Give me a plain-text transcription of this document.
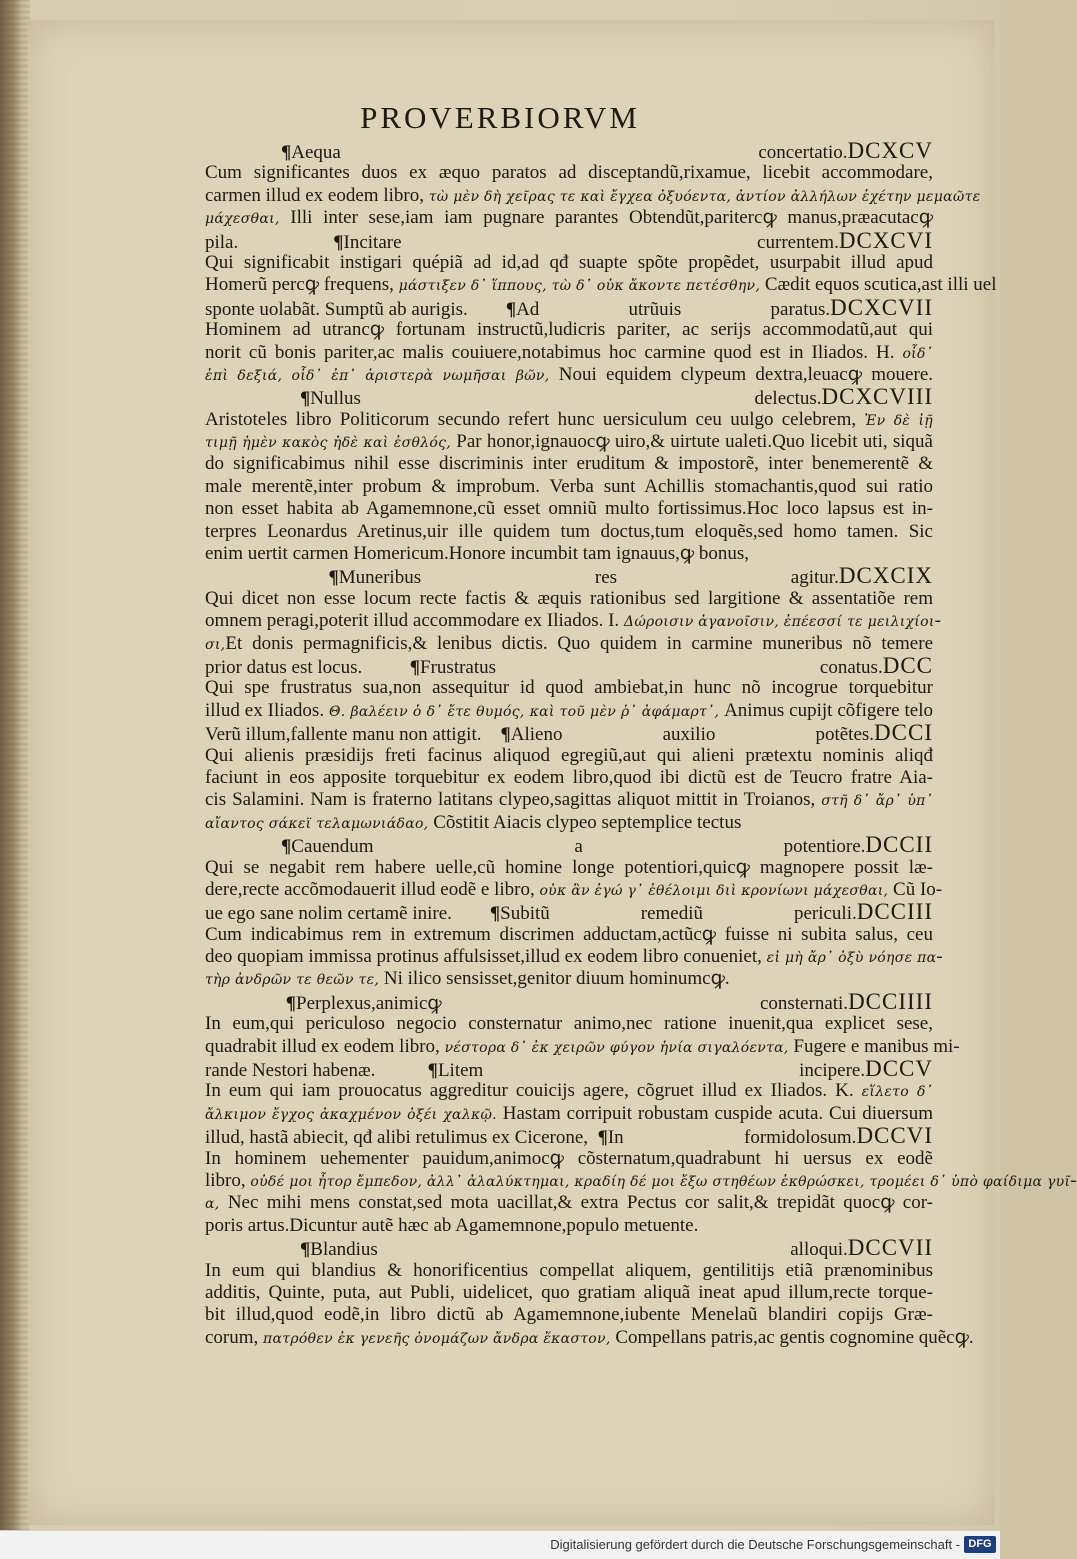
PROVERBIORVM

¶Aequa concertatio. DCXCV
Cum significantes duos ex æquo paratos ad disceptandũ,rixamue, licebit accommodare,
carmen illud ex eodem libro, τὼ μὲν δὴ χεῖρας τε καὶ ἔγχεα ὀξυόεντα, ἀντίον ἀλλήλων ἐχέτην μεμαῶτε
μάχεσθαι, Illi inter sese,iam iam pugnare parantes Obtendũt,paritercꝙ manus,præacutacꝙ
pila. ¶Incitare currentem. DCXCVI
Qui significabit instigari quépiã ad id,ad qđ suapte spõte propẽdet, usurpabit illud apud
Homerũ percꝙ frequens, μάστιξεν δ᾽ ἵππους, τὼ δ᾽ οὐκ ἄκοντε πετέσθην, Cædit equos scutica,ast illi uel
sponte uolabãt. Sumptũ ab aurigis. ¶Ad utrũuis paratus. DCXCVII
Hominem ad utrancꝙ fortunam instructũ,ludicris pariter, ac serijs accommodatũ,aut qui
norit cũ bonis pariter,ac malis couiuere,notabimus hoc carmine quod est in Iliados. H. οἶδ᾽
ἐπὶ δεξιά, οἶδ᾽ ἐπ᾽ ἀριστερὰ νωμῆσαι βῶν, Noui equidem clypeum dextra,leuacꝙ mouere.

¶Nullus delectus. DCXCVIII
Aristoteles libro Politicorum secundo refert hunc uersiculum ceu uulgo celebrem, Ἐν δὲ ἰῇ
τιμῇ ἠμὲν κακὸς ἠδὲ καὶ ἐσθλός, Par honor,ignauocꝙ uiro,& uirtute ualeti.Quo licebit uti, siquã
do significabimus nihil esse discriminis inter eruditum & impostorẽ, inter benemerentẽ &
male merentẽ,inter probum & improbum. Verba sunt Achillis stomachantis,quod sui ratio
non esset habita ab Agamemnone,cũ esset omniũ multo fortissimus.Hoc loco lapsus est in-
terpres Leonardus Aretinus,uir ille quidem tum doctus,tum eloquẽs,sed homo tamen. Sic
enim uertit carmen Homericum.Honore incumbit tam ignauus,ꝙ bonus,

¶Muneribus res agitur. DCXCIX
Qui dicet non esse locum recte factis & æquis rationibus sed largitione & assentatiõe rem
omnem peragi,poterit illud accommodare ex Iliados. I. Δώροισιν ἀγανοῖσιν, ἐπέεσσί τε μειλιχίοι
σι,Et donis permagnificis,& lenibus dictis. Quo quidem in carmine muneribus nõ temere
prior datus est locus. ¶Frustratus conatus. DCC
Qui spe frustratus sua,non assequitur id quod ambiebat,in hunc nõ incogrue torquebitur
illud ex Iliados. Θ. βαλέειν ὁ δ᾽ ἔτε θυμός, καὶ τοῦ μὲν ῥ᾽ ἀφάμαρτ᾽, Animus cupijt cõfigere telo
Verũ illum,fallente manu non attigit. ¶Alieno auxilio potẽtes. DCCI
Qui alienis præsidijs freti facinus aliquod egregiũ,aut qui alieni prætextu nominis aliqđ
faciunt in eos apposite torquebitur ex eodem libro,quod ibi dictũ est de Teucro fratre Aia-
cis Salamini. Nam is fraterno latitans clypeo,sagittas aliquot mittit in Troianos, στῆ δ᾽ ἄρ᾽ ὑπ᾽
αἴαντος σάκεϊ τελαμωνιάδαο, Cõstitit Aiacis clypeo septemplice tectus

¶Cauendum a potentiore. DCCII
Qui se negabit rem habere uelle,cũ homine longe potentiori,quicꝙ magnopere possit læ-
dere,recte accõmodauerit illud eodẽ e libro, οὐκ ἂν ἐγώ γ᾽ ἐθέλοιμι διὶ κρονίωνι μάχεσθαι, Cũ Io-
ue ego sane nolim certamẽ inire. ¶Subitũ remediũ periculi. DCCIII
Cum indicabimus rem in extremum discrimen adductam,actũcꝙ fuisse ni subita salus, ceu
deo quopiam immissa protinus affulsisset,illud ex eodem libro conueniet, εἰ μὴ ἄρ᾽ ὀξὺ νόησε πα
τὴρ ἀνδρῶν τε θεῶν τε, Ni ilico sensisset,genitor diuum hominumcꝙ.

¶Perplexus,animicꝙ consternati. DCCIIII
In eum,qui periculoso negocio consternatur animo,nec ratione inuenit,qua explicet sese,
quadrabit illud ex eodem libro, νέστορα δ᾽ ἐκ χειρῶν φύγον ἡνία σιγαλόεντα, Fugere e manibus mi-
rande Nestori habenæ. ¶Litem incipere. DCCV
In eum qui iam prouocatus aggreditur couicijs agere, cõgruet illud ex Iliados. K. εἵλετο δ᾽
ἄλκιμον ἔγχος ἀκαχμένον ὀξέι χαλκῷ. Hastam corripuit robustam cuspide acuta. Cui diuersum
illud, hastã abiecit, qđ alibi retulimus ex Cicerone, ¶In formidolosum. DCCVI
In hominem uehementer pauidum,animocꝙ cõsternatum,quadrabunt hi uersus ex eodẽ
libro, οὐδέ μοι ἦτορ ἔμπεδον, ἀλλ᾽ ἀλαλύκτημαι, κραδίη δέ μοι ἔξω στηθέων ἐκθρώσκει, τρομέει δ᾽ ὑπὸ φαίδιμα γυῖ-
α, Nec mihi mens constat,sed mota uacillat,& extra Pectus cor salit,& trepidãt quocꝙ cor-
poris artus.Dicuntur autẽ hæc ab Agamemnone,populo metuente.

¶Blandius alloqui. DCCVII
In eum qui blandius & honorificentius compellat aliquem, gentilitijs etiã prænominibus
additis, Quinte, puta, aut Publi, uidelicet, quo gratiam aliquã ineat apud illum,recte torque-
bit illud,quod eodẽ,in libro dictũ ab Agamemnone,iubente Menelaũ blandiri copijs Græ-
corum, πατρόθεν ἐκ γενεῆς ὀνομάζων ἄνδρα ἕκαστον, Compellans patris,ac gentis cognomine quẽcꝙ.
Digitalisierung gefördert durch die Deutsche Forschungsgemeinschaft - DFG
